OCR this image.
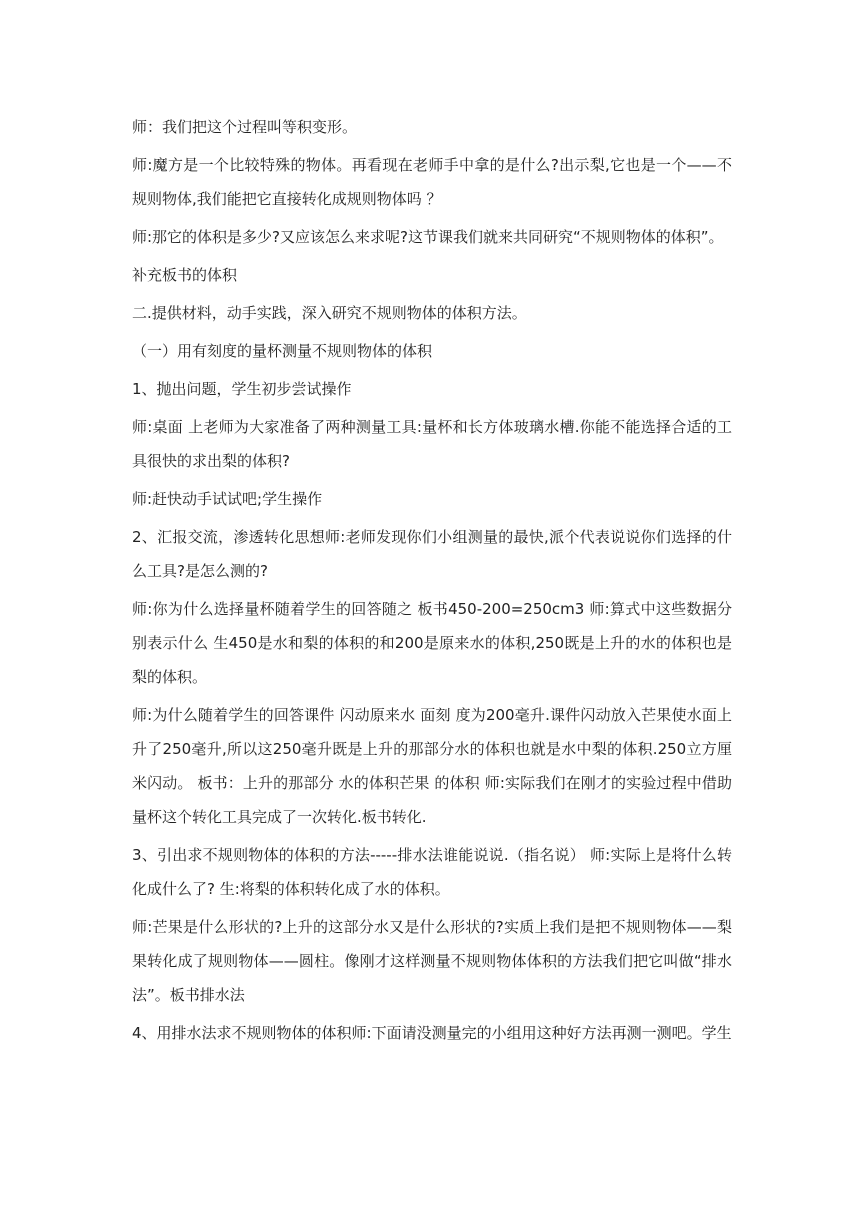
师：我们把这个过程叫等积变形。

师:魔方是一个比较特殊的物体。再看现在老师手中拿的是什么?出示梨,它也是一个——不规则物体,我们能把它直接转化成规则物体吗 ？

师:那它的体积是多少?又应该怎么来求呢?这节课我们就来共同研究“不规则物体的体积”。

补充板书的体积

二.提供材料，动手实践，深入研究不规则物体的体积方法。

（一）用有刻度的量杯测量不规则物体的体积

1、抛出问题，学生初步尝试操作

师:桌面 上老师为大家准备了两种测量工具:量杯和长方体玻璃水槽.你能不能选择合适的工具很快的求出梨的体积?

师:赶快动手试试吧;学生操作

2、汇报交流，渗透转化思想师:老师发现你们小组测量的最快,派个代表说说你们选择的什么工具?是怎么测的?

师:你为什么选择量杯随着学生的回答随之 板书450-200=250cm3 师:算式中这些数据分别表示什么 生450是水和梨的体积的和200是原来水的体积,250既是上升的水的体积也是梨的体积。

师:为什么随着学生的回答课件 闪动原来水 面刻 度为200毫升.课件闪动放入芒果使水面上升了250毫升,所以这250毫升既是上升的那部分水的体积也就是水中梨的体积.250立方厘米闪动。 板书：上升的那部分 水的体积芒果 的体积 师:实际我们在刚才的实验过程中借助量杯这个转化工具完成了一次转化.板书转化.

3、引出求不规则物体的体积的方法-----排水法谁能说说.（指名说） 师:实际上是将什么转化成什么了? 生:将梨的体积转化成了水的体积。

师:芒果是什么形状的?上升的这部分水又是什么形状的?实质上我们是把不规则物体——梨果转化成了规则物体——圆柱。像刚才这样测量不规则物体体积的方法我们把它叫做“排水法”。板书排水法

4、用排水法求不规则物体的体积师:下面请没测量完的小组用这种好方法再测一测吧。学生
